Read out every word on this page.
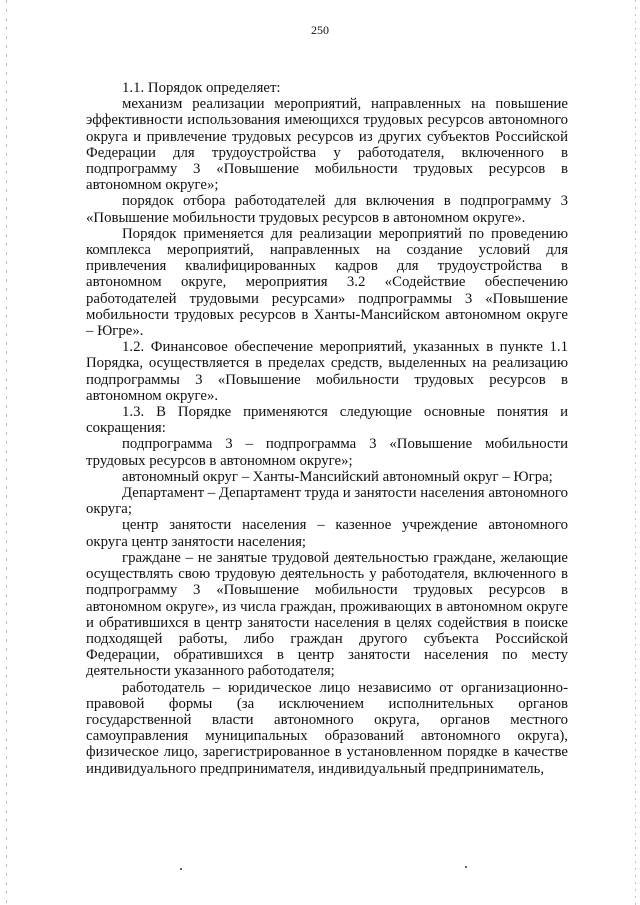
250

1.1. Порядок определяет:

механизм реализации мероприятий, направленных на повышение эффективности использования имеющихся трудовых ресурсов автономного округа и привлечение трудовых ресурсов из других субъектов Российской Федерации для трудоустройства у работодателя, включенного в подпрограмму 3 «Повышение мобильности трудовых ресурсов в автономном округе»;

порядок отбора работодателей для включения в подпрограмму 3 «Повышение мобильности трудовых ресурсов в автономном округе».

Порядок применяется для реализации мероприятий по проведению комплекса мероприятий, направленных на создание условий для привлечения квалифицированных кадров для трудоустройства в автономном округе, мероприятия 3.2 «Содействие обеспечению работодателей трудовыми ресурсами» подпрограммы 3 «Повышение мобильности трудовых ресурсов в Ханты-Мансийском автономном округе – Югре».

1.2. Финансовое обеспечение мероприятий, указанных в пункте 1.1 Порядка, осуществляется в пределах средств, выделенных на реализацию подпрограммы 3 «Повышение мобильности трудовых ресурсов в автономном округе».

1.3. В Порядке применяются следующие основные понятия и сокращения:

подпрограмма 3 – подпрограмма 3 «Повышение мобильности трудовых ресурсов в автономном округе»;

автономный округ – Ханты-Мансийский автономный округ – Югра;

Департамент – Департамент труда и занятости населения автономного округа;

центр занятости населения – казенное учреждение автономного округа центр занятости населения;

граждане – не занятые трудовой деятельностью граждане, желающие осуществлять свою трудовую деятельность у работодателя, включенного в подпрограмму 3 «Повышение мобильности трудовых ресурсов в автономном округе», из числа граждан, проживающих в автономном округе и обратившихся в центр занятости населения в целях содействия в поиске подходящей работы, либо граждан другого субъекта Российской Федерации, обратившихся в центр занятости населения по месту деятельности указанного работодателя;

работодатель – юридическое лицо независимо от организационно-правовой формы (за исключением исполнительных органов государственной власти автономного округа, органов местного самоуправления муниципальных образований автономного округа), физическое лицо, зарегистрированное в установленном порядке в качестве индивидуального предпринимателя, индивидуальный предприниматель,
